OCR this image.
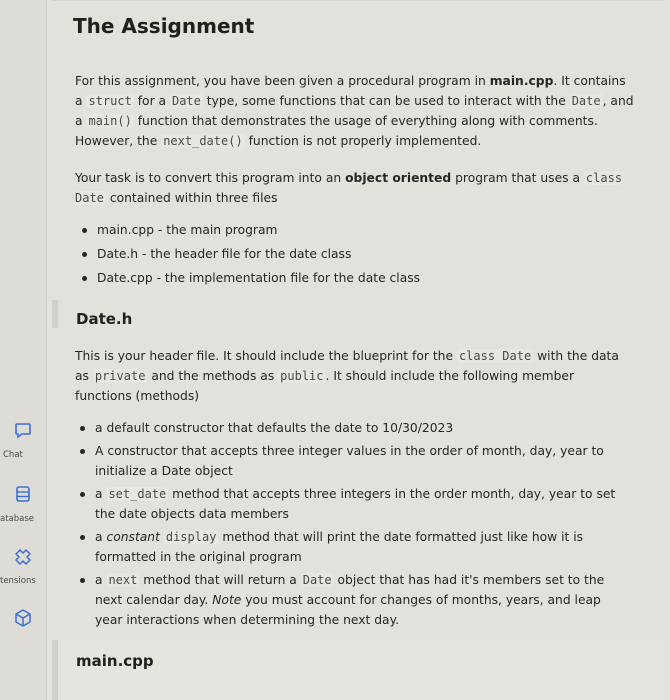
Chat
atabase
tensions
The Assignment

For this assignment, you have been given a procedural program in main.cpp. It contains a struct for a Date type, some functions that can be used to interact with the Date , and a main() function that demonstrates the usage of everything along with comments. However, the next_date() function is not properly implemented.

Your task is to convert this program into an object oriented program that uses a class Date contained within three files

main.cpp - the main program
Date.h - the header file for the date class
Date.cpp - the implementation file for the date class
Date.h

This is your header file. It should include the blueprint for the class Date with the data as private and the methods as public . It should include the following member functions (methods)

a default constructor that defaults the date to 10/30/2023
A constructor that accepts three integer values in the order of month, day, year to initialize a Date object
a set_date method that accepts three integers in the order month, day, year to set the date objects data members
a constant display method that will print the date formatted just like how it is formatted in the original program
a next method that will return a Date object that has had it's members set to the next calendar day. Note you must account for changes of months, years, and leap year interactions when determining the next day.
main.cpp
